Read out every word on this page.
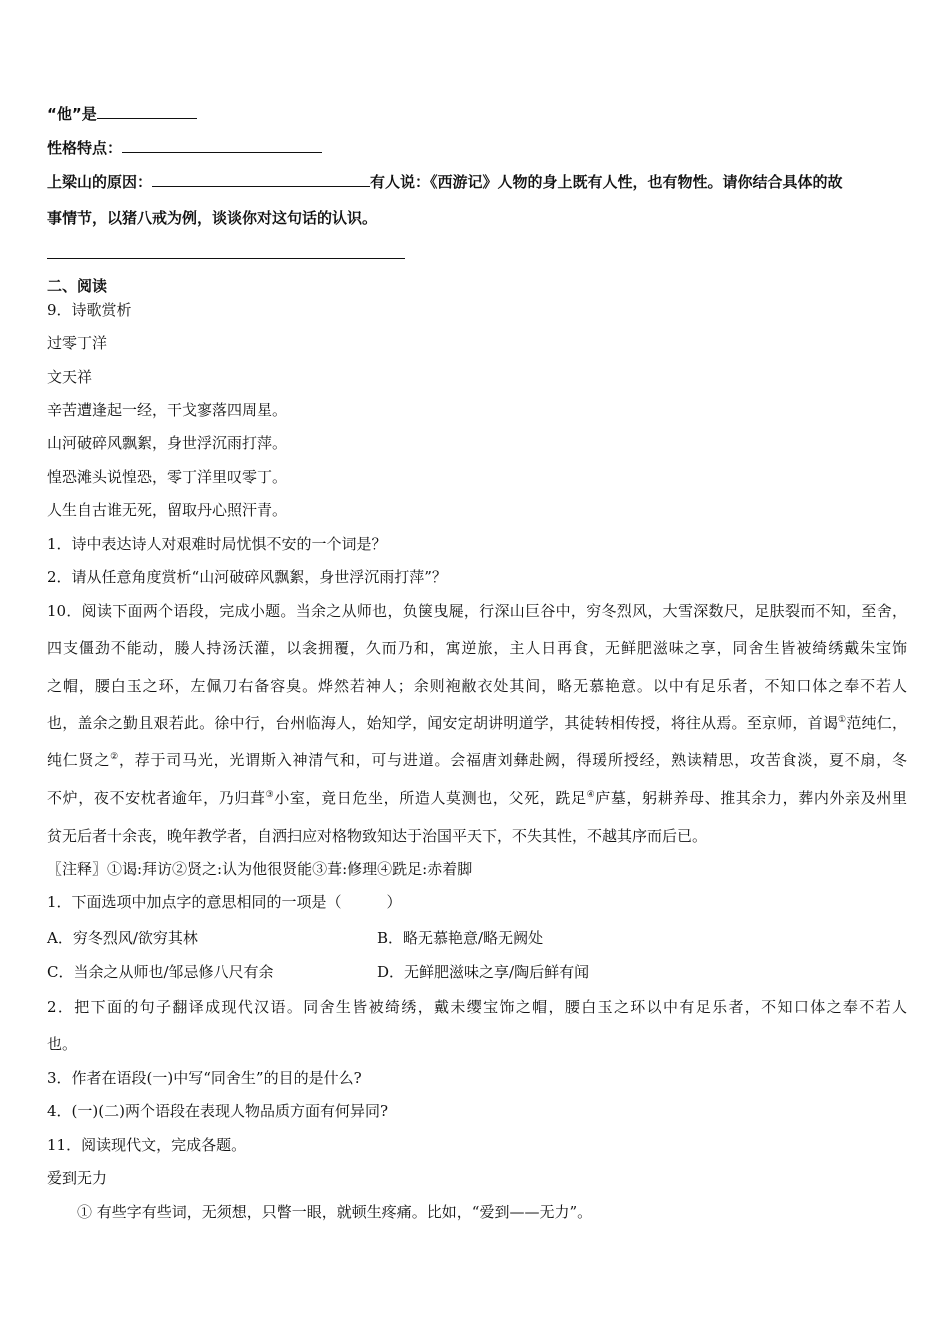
“他”是
性格特点：
上梁山的原因：	有人说：《西游记》人物的身上既有人性，也有物性。请你结合具体的故
事情节，以猪八戒为例，谈谈你对这句话的认识。
二、阅读
9．诗歌赏析
过零丁洋
文天祥
辛苦遭逢起一经，干戈寥落四周星。
山河破碎风飘絮，身世浮沉雨打萍。
惶恐滩头说惶恐，零丁洋里叹零丁。
人生自古谁无死，留取丹心照汗青。
1．诗中表达诗人对艰难时局忧惧不安的一个词是？
2．请从任意角度赏析“山河破碎风飘絮，身世浮沉雨打萍”？
10．阅读下面两个语段，完成小题。当余之从师也，负箧曳屣，行深山巨谷中，穷冬烈风，大雪深数尺，足肤裂而不知，至舍，
四支僵劲不能动，媵人持汤沃灌，以衾拥覆，久而乃和，寓逆旅，主人日再食，无鲜肥滋味之享，同舍生皆被绮绣戴朱宝饰
之帽，腰白玉之环，左佩刀右备容臭。烨然若神人；余则袍敝衣处其间，略无慕艳意。以中有足乐者，不知口体之奉不若人
也，盖余之勤且艰若此。徐中行，台州临海人，始知学，闻安定胡讲明道学，其徒转相传授，将往从焉。至京师，首谒①范纯仁，
纯仁贤之②，荐于司马光，光谓斯入神清气和，可与进道。会福唐刘彝赴阙，得瑗所授经，熟读精思，攻苦食淡，夏不扇，冬
不炉，夜不安枕者逾年，乃归葺③小室，竟日危坐，所造人莫测也，父死，跣足④庐墓，躬耕养母、推其余力，葬内外亲及州里
贫无后者十余丧，晚年教学者，自洒扫应对格物致知达于治国平天下，不失其性，不越其序而后已。
〖注释〗①谒:拜访②贤之:认为他很贤能③葺:修理④跣足:赤着脚
1．下面选项中加点字的意思相同的一项是（　　　）
A．穷冬烈风/欲穷其林	B．略无慕艳意/略无阙处
C．当余之从师也/邹忌修八尺有余	D．无鲜肥滋味之享/陶后鲜有闻
2．把下面的句子翻译成现代汉语。同舍生皆被绮绣，戴未缨宝饰之帽，腰白玉之环以中有足乐者，不知口体之奉不若人
也。
3．作者在语段(一)中写“同舍生”的目的是什么?
4．(一)(二)两个语段在表现人物品质方面有何异同?
11．阅读现代文，完成各题。
爱到无力
① 有些字有些词，无须想，只瞥一眼，就顿生疼痛。比如，“爱到——无力”。
